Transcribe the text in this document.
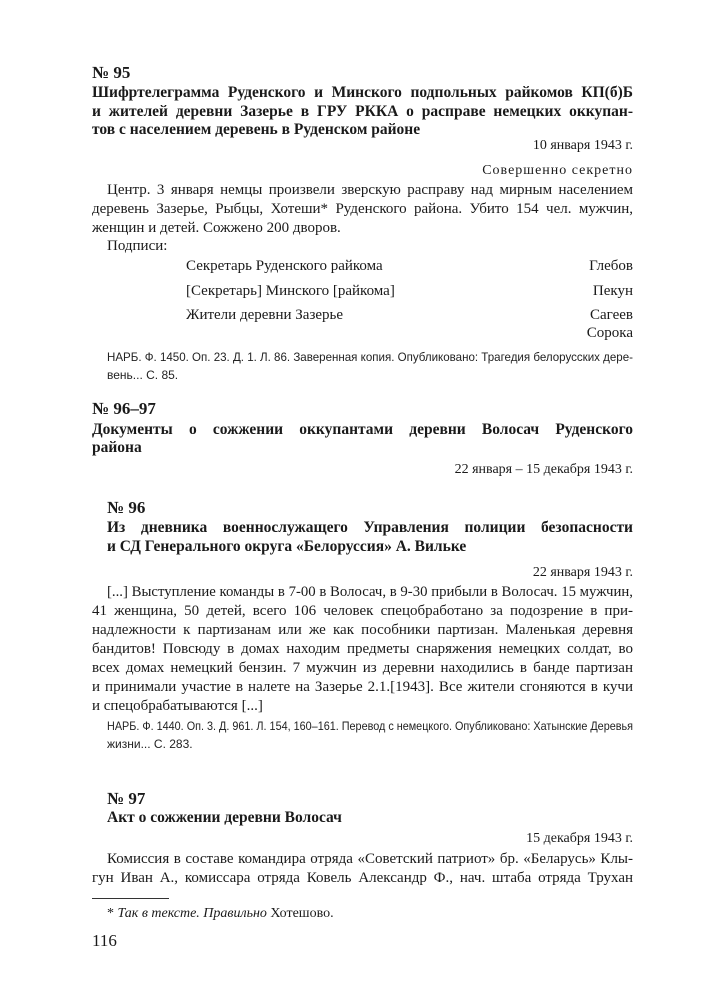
№ 95
Шифртелеграмма Руденского и Минского подпольных райкомов КП(б)Б
и жителей деревни Зазерье в ГРУ РККА о расправе немецких оккупан-
тов с населением деревень в Руденском районе
10 января 1943 г.
Совершенно секретно
Центр. 3 января немцы произвели зверскую расправу над мирным населением
деревень Зазерье, Рыбцы, Хотеши* Руденского района. Убито 154 чел. мужчин,
женщин и детей. Сожжено 200 дворов.
Подписи:
Секретарь Руденского райкома	Глебов
[Секретарь] Минского [райкома]	Пекун
Жители деревни Зазерье	Сагеев
Сорока
НАРБ. Ф. 1450. Оп. 23. Д. 1. Л. 86. Заверенная копия. Опубликовано: Трагедия белорусских дере-
вень... С. 85.
№ 96–97
Документы о сожжении оккупантами деревни Волосач Руденского
района
22 января – 15 декабря 1943 г.
№ 96
Из дневника военнослужащего Управления полиции безопасности
и СД Генерального округа «Белоруссия» А. Вильке
22 января 1943 г.
[...] Выступление команды в 7-00 в Волосач, в 9-30 прибыли в Волосач. 15 мужчин,
41 женщина, 50 детей, всего 106 человек спецобработано за подозрение в при-
надлежности к партизанам или же как пособники партизан. Маленькая деревня
бандитов! Повсюду в домах находим предметы снаряжения немецких солдат, во
всех домах немецкий бензин. 7 мужчин из деревни находились в банде партизан
и принимали участие в налете на Зазерье 2.1.[1943]. Все жители сгоняются в кучи
и спецобрабатываются [...]
НАРБ. Ф. 1440. Оп. 3. Д. 961. Л. 154, 160–161. Перевод с немецкого. Опубликовано: Хатынские Деревья
жизни... С. 283.
№ 97
Акт о сожжении деревни Волосач
15 декабря 1943 г.
Комиссия в составе командира отряда «Советский патриот» бр. «Беларусь» Клы-
гун Иван А., комиссара отряда Ковель Александр Ф., нач. штаба отряда Трухан
* Так в тексте. Правильно Хотешово.
116
